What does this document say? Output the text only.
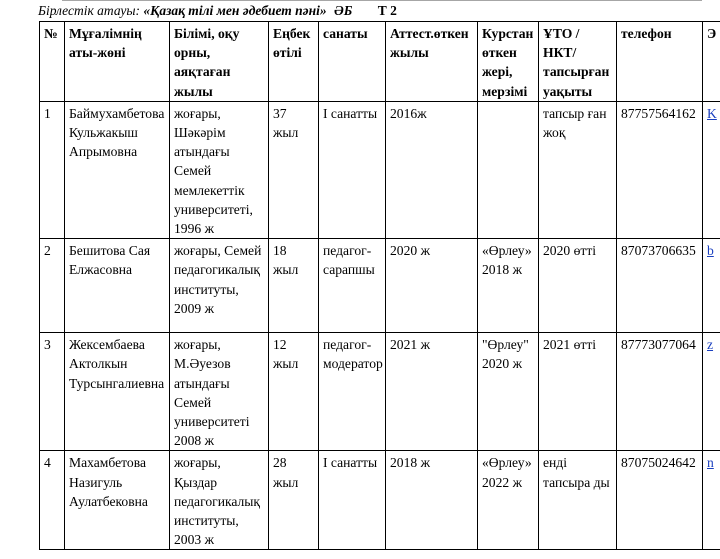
Бірлестік атауы: «Қазақ тілі мен әдебиет пәні» ӘБ Т 2
№	Мұғалімнің аты-жөні	Білімі, оқу орны, аяқтаған жылы	Еңбек өтілі	санаты	Аттест.өткен жылы	Курстан өткен жері, мерзімі	ҰТО /НКТ/ тапсырған уақыты	телефон	Э
1	Баймухамбетова Кульжакыш Апрымовна	жоғары, Шәкәрім атындағы Семей мемлекеттік университеті, 1996 ж	37 жыл	І санатты	2016ж		тапсыр ған жоқ	87757564162	K
2	Бешитова Сая Елжасовна	жоғары, Семей педагогикалық институты, 2009 ж	18 жыл	педагог-сарапшы	2020 ж	«Өрлеу» 2018 ж	2020 өтті	87073706635	b
3	Жексембаева Актолкын Турсынгалиевна	жоғары, М.Әуезов атындағы Семей университеті 2008 ж	12 жыл	педагог-модератор	2021 ж	"Өрлеу" 2020 ж	2021 өтті	87773077064	z
4	Махамбетова Назигуль Аулатбековна	жоғары, Қыздар педагогикалық институты, 2003 ж	28 жыл	І санатты	2018 ж	«Өрлеу» 2022 ж	енді тапсыра ды	87075024642	n
